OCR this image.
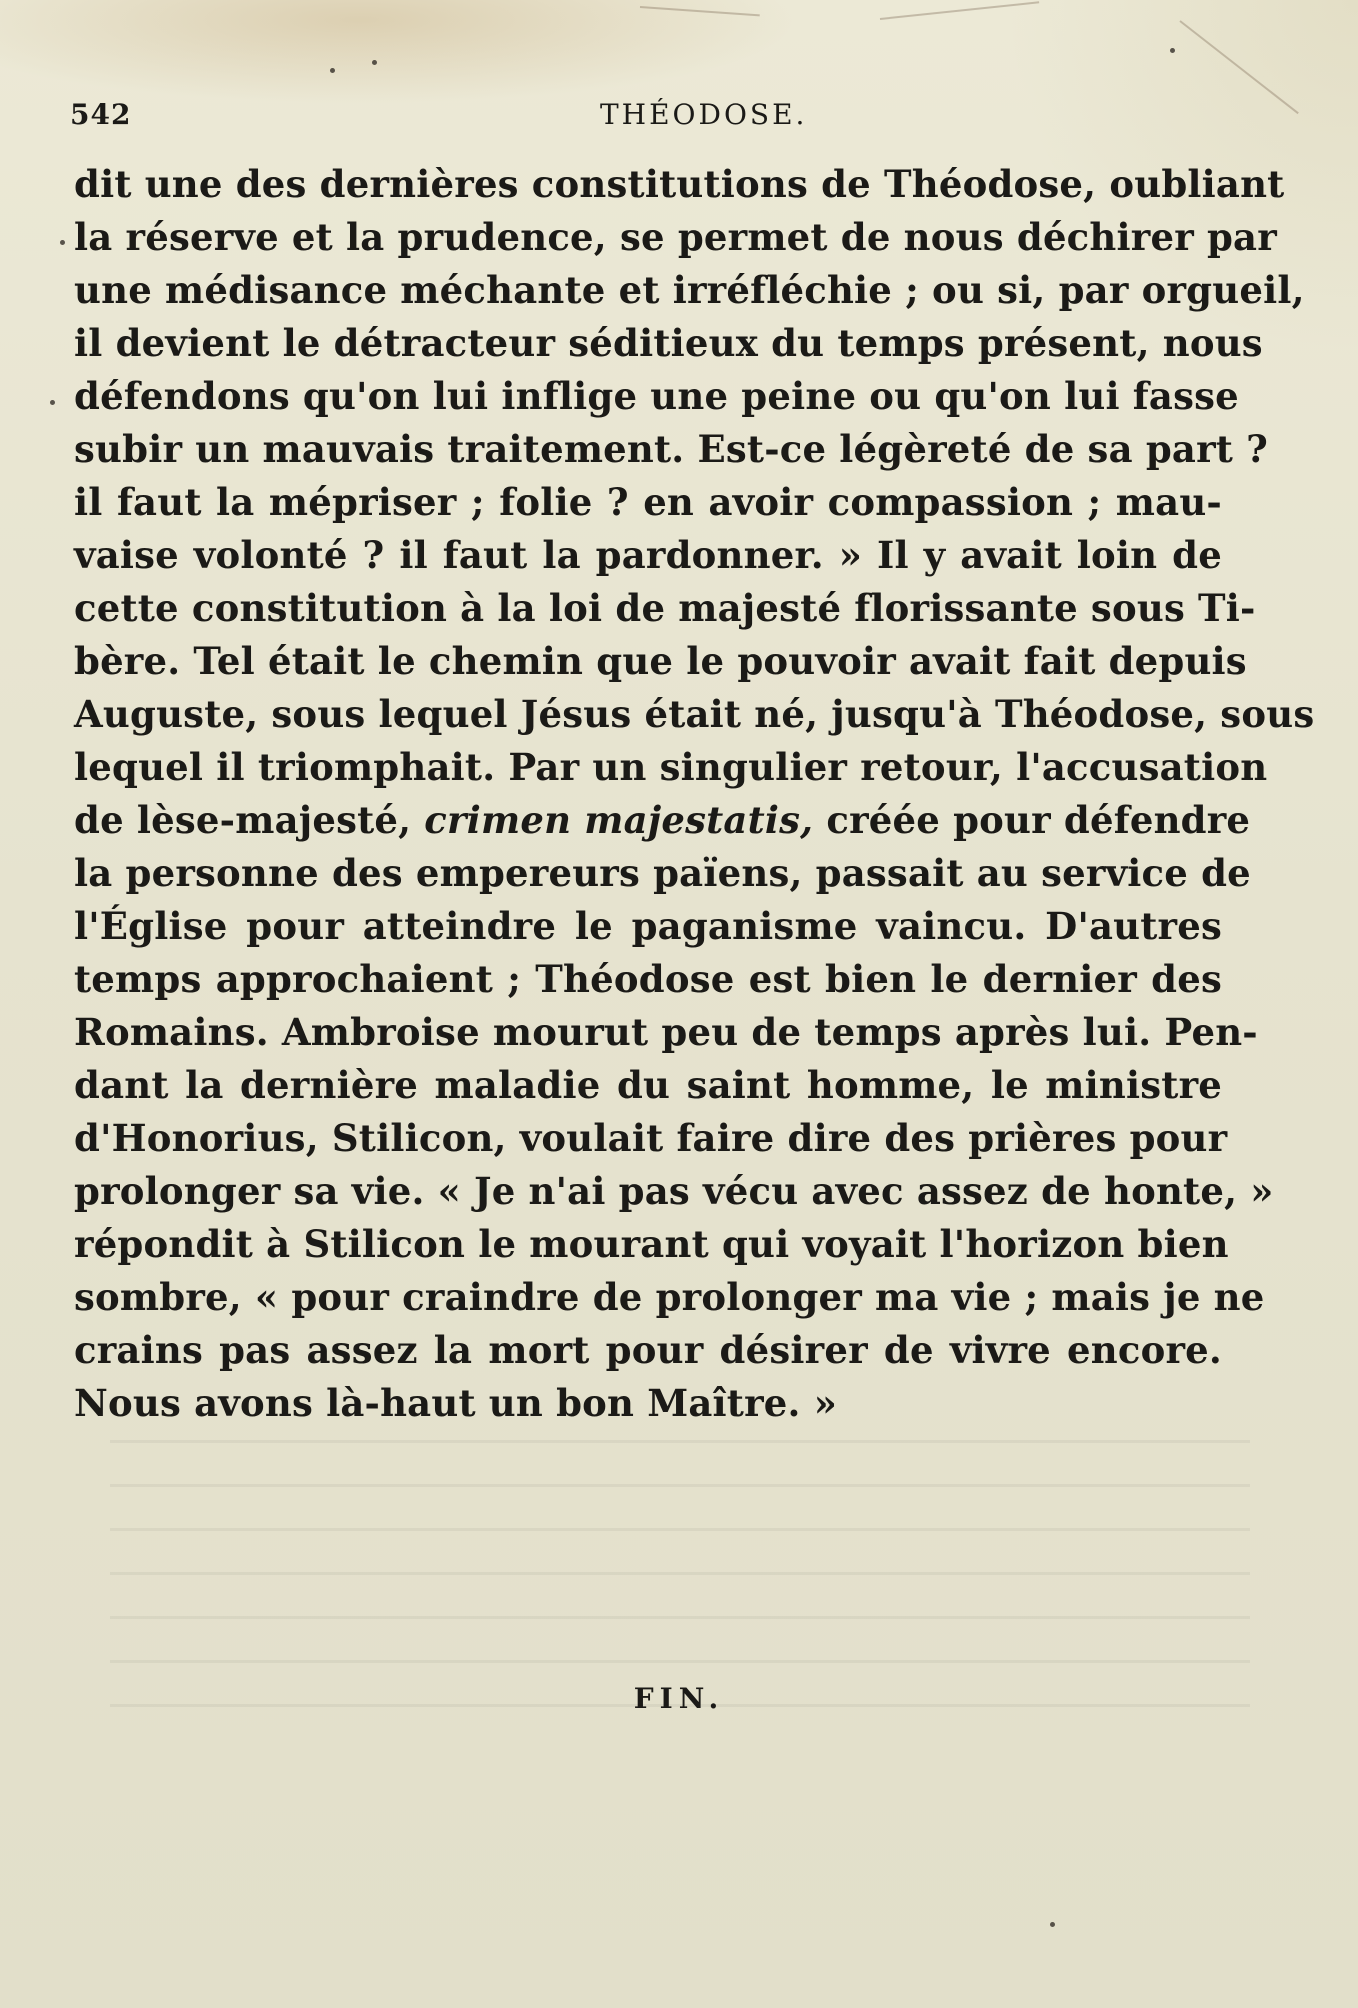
542	THÉODOSE.
dit une des dernières constitutions de Théodose, oubliant
la réserve et la prudence, se permet de nous déchirer par
une médisance méchante et irréfléchie ; ou si, par orgueil,
il devient le détracteur séditieux du temps présent, nous
défendons qu'on lui inflige une peine ou qu'on lui fasse
subir un mauvais traitement. Est-ce légèreté de sa part ?
il faut la mépriser ; folie ? en avoir compassion ; mau-
vaise volonté ? il faut la pardonner. » Il y avait loin de
cette constitution à la loi de majesté florissante sous Ti-
bère. Tel était le chemin que le pouvoir avait fait depuis
Auguste, sous lequel Jésus était né, jusqu'à Théodose, sous
lequel il triomphait. Par un singulier retour, l'accusation
de lèse-majesté, crimen majestatis, créée pour défendre
la personne des empereurs païens, passait au service de
l'Église pour atteindre le paganisme vaincu. D'autres
temps approchaient ; Théodose est bien le dernier des
Romains. Ambroise mourut peu de temps après lui. Pen-
dant la dernière maladie du saint homme, le ministre
d'Honorius, Stilicon, voulait faire dire des prières pour
prolonger sa vie. « Je n'ai pas vécu avec assez de honte, »
répondit à Stilicon le mourant qui voyait l'horizon bien
sombre, « pour craindre de prolonger ma vie ; mais je ne
crains pas assez la mort pour désirer de vivre encore.
Nous avons là-haut un bon Maître. »
FIN.
